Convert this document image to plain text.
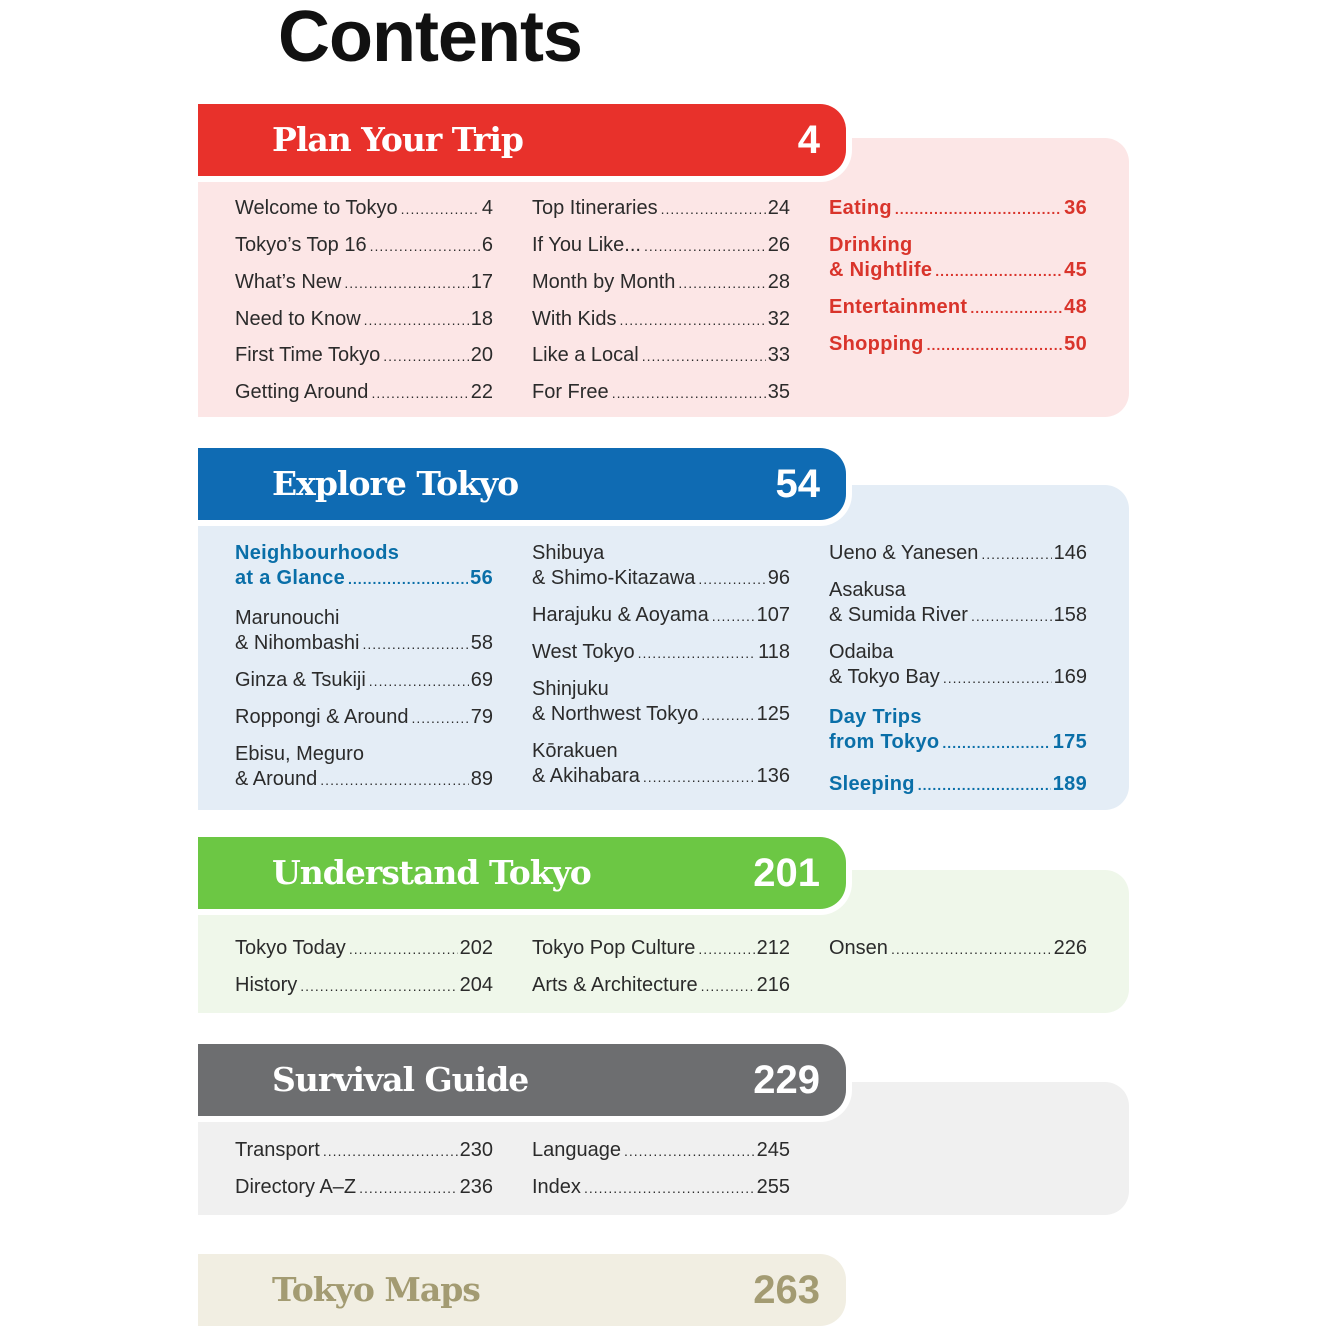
Contents
Plan Your Trip	4
Welcome to Tokyo .....	4
Tokyo’s Top 16 .....	6
What’s New .....	17
Need to Know .....	18
First Time Tokyo .....	20
Getting Around .....	22
Top Itineraries .....	24
If You Like... .....	26
Month by Month .....	28
With Kids .....	32
Like a Local .....	33
For Free .....	35
Eating .....	36
Drinking
& Nightlife .....	45
Entertainment .....	48
Shopping .....	50
Explore Tokyo	54
Neighbourhoods
at a Glance .....	56
Marunouchi
& Nihombashi .....	58
Ginza & Tsukiji .....	69
Roppongi & Around .....	79
Ebisu, Meguro
& Around .....	89
Shibuya
& Shimo-Kitazawa .....	96
Harajuku & Aoyama ..... 107
West Tokyo .....	118
Shinjuku
& Northwest Tokyo .....	125
Kōrakuen
& Akihabara .....	136
Ueno & Yanesen .....	146
Asakusa
& Sumida River .....	158
Odaiba
& Tokyo Bay .....	169
Day Trips
from Tokyo .....	175
Sleeping .....	189
Understand Tokyo	201
Tokyo Today .....	202
History .....	204
Tokyo Pop Culture .....	212
Arts & Architecture .....	216
Onsen .....	226
Survival Guide	229
Transport .....	230
Directory A–Z .....	236
Language .....	245
Index .....	255
Tokyo Maps	263
